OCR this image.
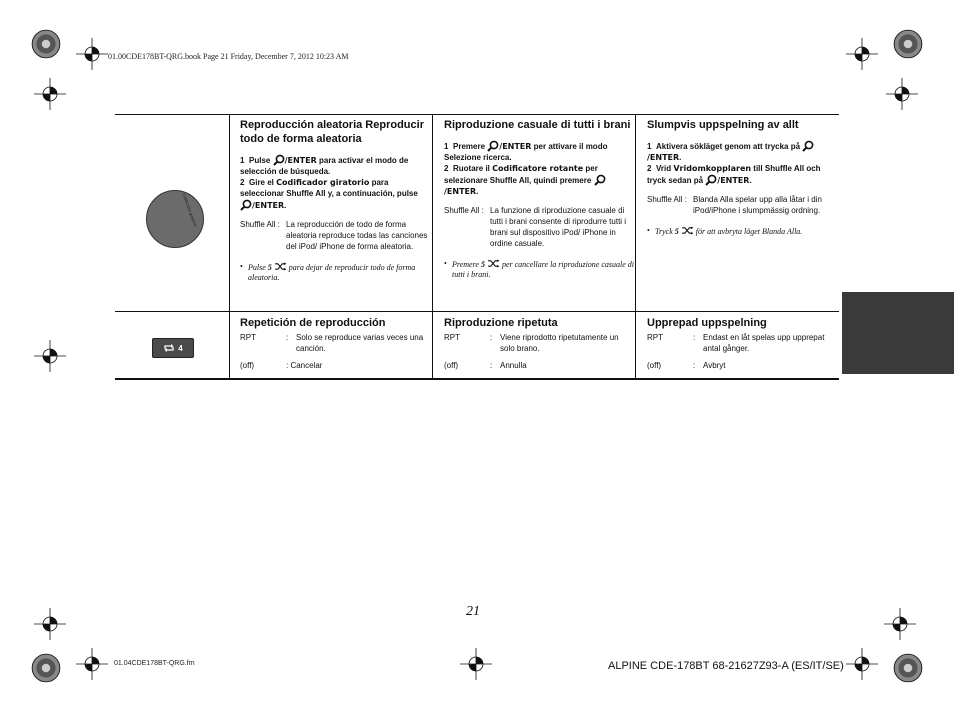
01.00CDE178BT-QRG.book Page 21 Friday, December 7, 2012 10:23 AM
01.04CDE178BT-QRG.fm	ALPINE CDE-178BT 68-21627Z93-A (ES/IT/SE)
21
Codificador giratorio
4
Reproducción aleatoria Reproducir todo de forma aleatoria
1 Pulse /ENTER para activar el modo de selección de búsqueda.
2 Gire el Codificador giratorio para seleccionar Shuffle All y, a continuación, pulse /ENTER.
Shuffle All : La reproducción de todo de forma aleatoria reproduce todas las canciones del iPod/ iPhone de forma aleatoria.
• Pulse 5 para dejar de reproducir todo de forma aleatoria.
Riproduzione casuale di tutti i brani
1 Premere /ENTER per attivare il modo Selezione ricerca.
2 Ruotare il Codificatore rotante per selezionare Shuffle All, quindi premere /ENTER.
Shuffle All : La funzione di riproduzione casuale di tutti i brani consente di riprodurre tutti i brani sul dispositivo iPod/ iPhone in ordine casuale.
• Premere 5 per cancellare la riproduzione casuale di tutti i brani.
Slumpvis uppspelning av allt
1 Aktivera sökläget genom att trycka på /ENTER.
2 Vrid Vridomkopplaren till Shuffle All och tryck sedan på /ENTER.
Shuffle All : Blanda Alla spelar upp alla låtar i din iPod/iPhone i slumpmässig ordning.
• Tryck 5 för att avbryta läget Blanda Alla.
Repetición de reproducción
RPT	: Solo se reproduce varias veces una canción.
(off)	: Cancelar
Riproduzione ripetuta
RPT	: Viene riprodotto ripetutamente un solo brano.
(off)	: Annulla
Upprepad uppspelning
RPT	: Endast en låt spelas upp upprepat antal gånger.
(off)	: Avbryt
